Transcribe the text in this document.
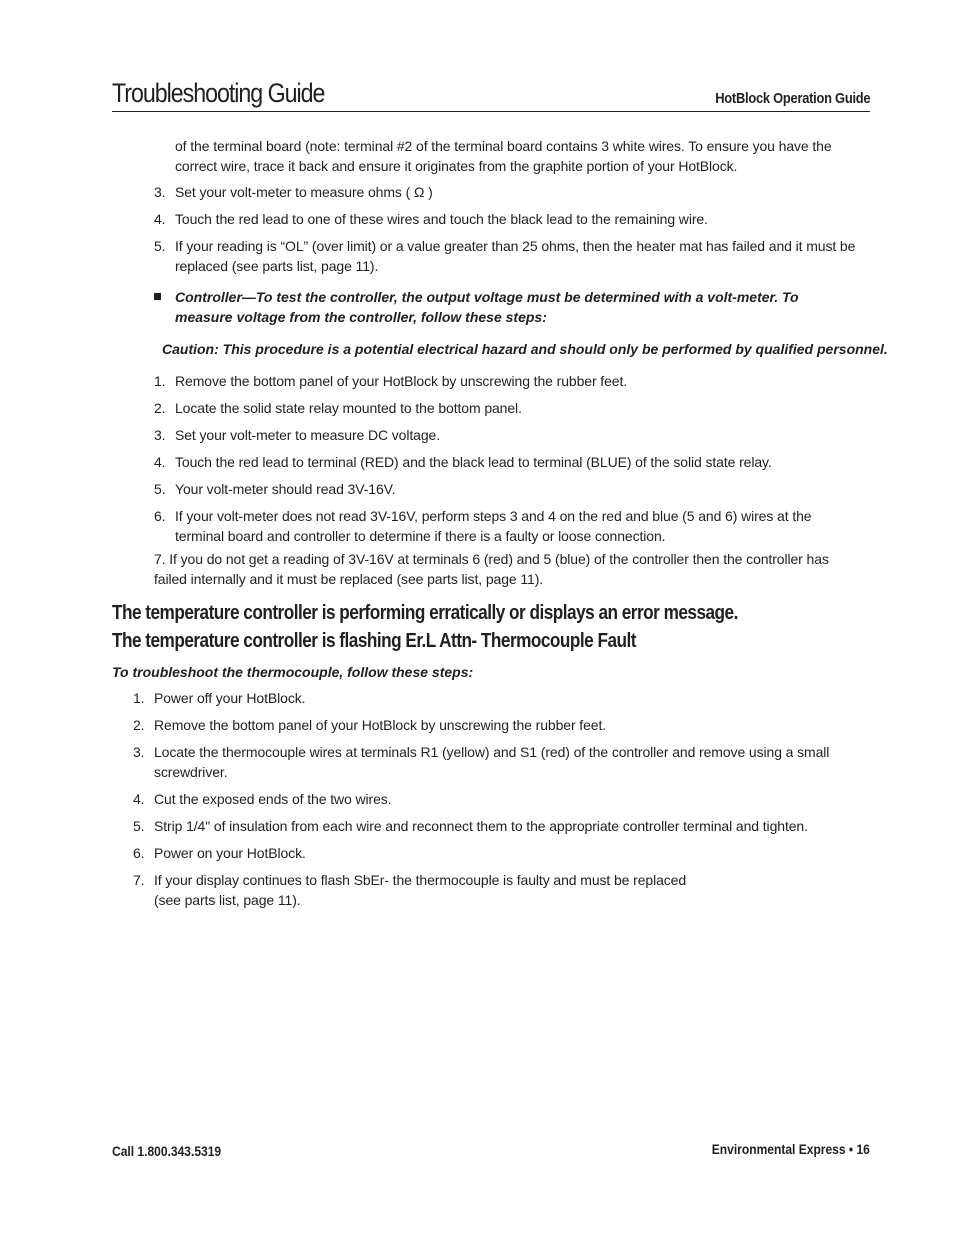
Troubleshooting Guide	HotBlock Operation Guide

of the terminal board (note: terminal #2 of the terminal board contains 3 white wires. To ensure you have the correct wire, trace it back and ensure it originates from the graphite portion of your HotBlock.

3. Set your volt-meter to measure ohms ( Ω )
4. Touch the red lead to one of these wires and touch the black lead to the remaining wire.
5. If your reading is “OL” (over limit) or a value greater than 25 ohms, then the heater mat has failed and it must be replaced (see parts list, page 11).
Controller—To test the controller, the output voltage must be determined with a volt-meter. To measure voltage from the controller, follow these steps:

Caution: This procedure is a potential electrical hazard and should only be performed by qualified personnel.

1. Remove the bottom panel of your HotBlock by unscrewing the rubber feet.
2. Locate the solid state relay mounted to the bottom panel.
3. Set your volt-meter to measure DC voltage.
4. Touch the red lead to terminal (RED) and the black lead to terminal (BLUE) of the solid state relay.
5. Your volt-meter should read 3V-16V.
6. If your volt-meter does not read 3V-16V, perform steps 3 and 4 on the red and blue (5 and 6) wires at the terminal board and controller to determine if there is a faulty or loose connection.

7. If you do not get a reading of 3V-16V at terminals 6 (red) and 5 (blue) of the controller then the controller has failed internally and it must be replaced (see parts list, page 11).

The temperature controller is performing erratically or displays an error message.
The temperature controller is flashing Er.L Attn- Thermocouple Fault

To troubleshoot the thermocouple, follow these steps:

1. Power off your HotBlock.
2. Remove the bottom panel of your HotBlock by unscrewing the rubber feet.
3. Locate the thermocouple wires at terminals R1 (yellow) and S1 (red) of the controller and remove using a small screwdriver.
4. Cut the exposed ends of the two wires.
5. Strip 1/4" of insulation from each wire and reconnect them to the appropriate controller terminal and tighten.
6. Power on your HotBlock.
7. If your display continues to flash SbEr- the thermocouple is faulty and must be replaced (see parts list, page 11).
Call 1.800.343.5319	Environmental Express • 16
